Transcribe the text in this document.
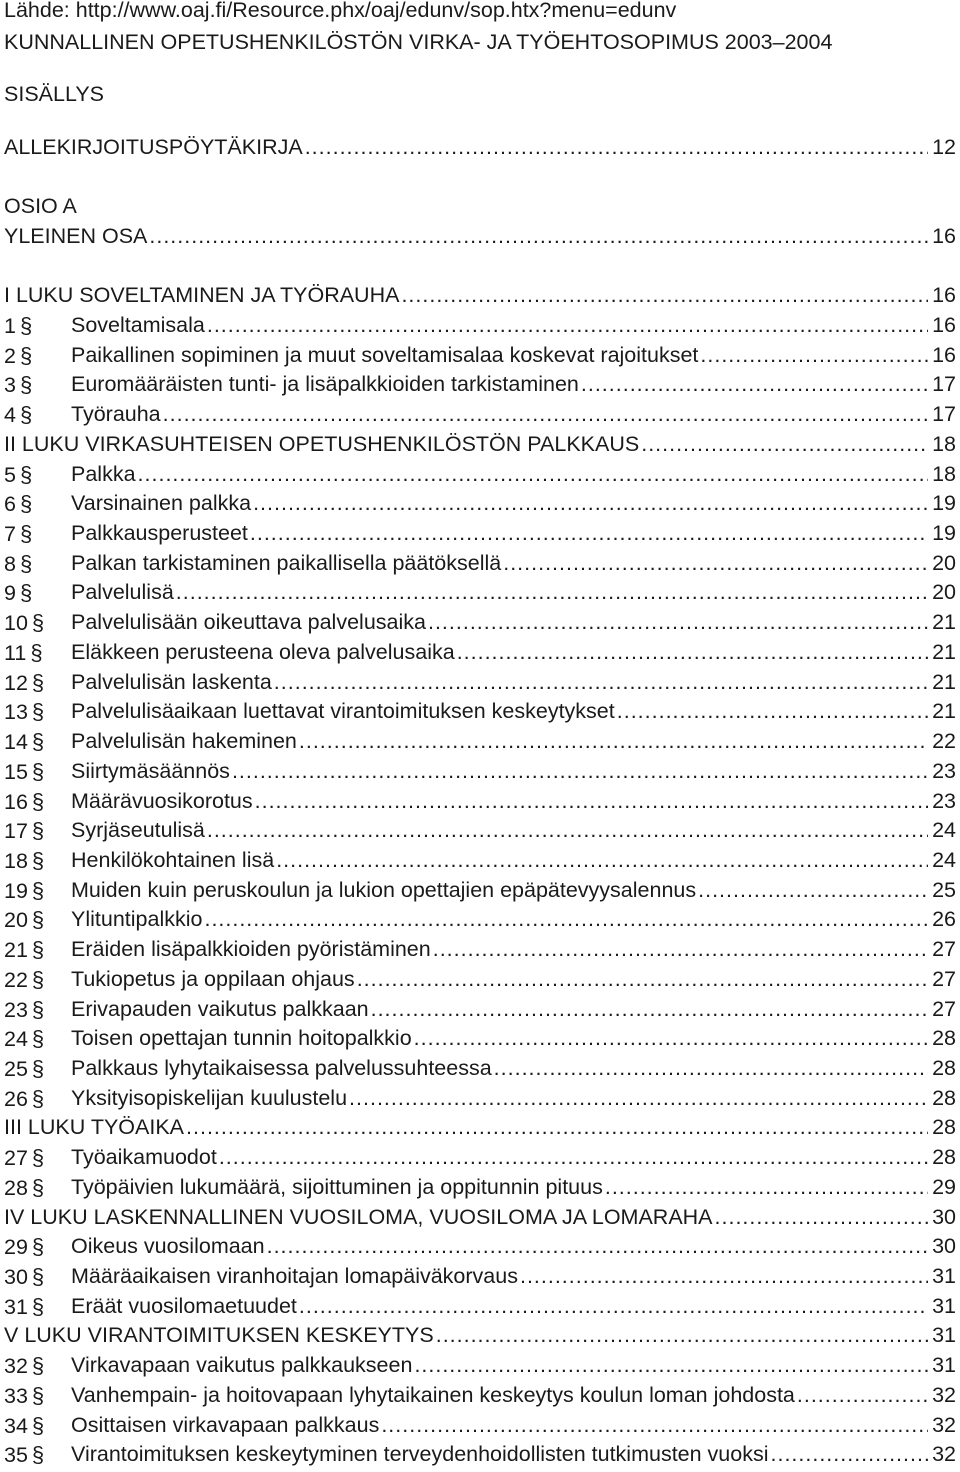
Lähde: http://www.oaj.fi/Resource.phx/oaj/edunv/sop.htx?menu=edunv
KUNNALLINEN OPETUSHENKILÖSTÖN VIRKA- JA TYÖEHTOSOPIMUS 2003–2004
SISÄLLYS
ALLEKIRJOITUSPÖYTÄKIRJA .....	12
OSIO A
YLEINEN OSA .....	16
I LUKU SOVELTAMINEN JA TYÖRAUHA .....	16
1 § Soveltamisala .....	16
2 § Paikallinen sopiminen ja muut soveltamisalaa koskevat rajoitukset .....	16
3 § Euromääräisten tunti- ja lisäpalkkioiden tarkistaminen .....	17
4 § Työrauha .....	17
II LUKU VIRKASUHTEISEN OPETUSHENKILÖSTÖN PALKKAUS .....	18
5 § Palkka .....	18
6 § Varsinainen palkka .....	19
7 § Palkkausperusteet .....	19
8 § Palkan tarkistaminen paikallisella päätöksellä .....	20
9 § Palvelulisä .....	20
10 § Palvelulisään oikeuttava palvelusaika .....	21
11 § Eläkkeen perusteena oleva palvelusaika .....	21
12 § Palvelulisän laskenta .....	21
13 § Palvelulisäaikaan luettavat virantoimituksen keskeytykset .....	21
14 § Palvelulisän hakeminen .....	22
15 § Siirtymäsäännös .....	23
16 § Määrävuosikorotus .....	23
17 § Syrjäseutulisä .....	24
18 § Henkilökohtainen lisä .....	24
19 § Muiden kuin peruskoulun ja lukion opettajien epäpätevyysalennus .....	25
20 § Ylituntipalkkio .....	26
21 § Eräiden lisäpalkkioiden pyöristäminen .....	27
22 § Tukiopetus ja oppilaan ohjaus .....	27
23 § Erivapauden vaikutus palkkaan .....	27
24 § Toisen opettajan tunnin hoitopalkkio .....	28
25 § Palkkaus lyhytaikaisessa palvelussuhteessa .....	28
26 § Yksityisopiskelijan kuulustelu .....	28
III LUKU TYÖAIKA .....	28
27 § Työaikamuodot .....	28
28 § Työpäivien lukumäärä, sijoittuminen ja oppitunnin pituus .....	29
IV LUKU LASKENNALLINEN VUOSILOMA, VUOSILOMA JA LOMARAHA .....	30
29 § Oikeus vuosilomaan .....	30
30 § Määräaikaisen viranhoitajan lomapäiväkorvaus .....	31
31 § Eräät vuosilomaetuudet .....	31
V LUKU VIRANTOIMITUKSEN KESKEYTYS .....	31
32 § Virkavapaan vaikutus palkkaukseen .....	31
33 § Vanhempain- ja hoitovapaan lyhytaikainen keskeytys koulun loman johdosta .....	32
34 § Osittaisen virkavapaan palkkaus .....	32
35 § Virantoimituksen keskeytyminen terveydenhoidollisten tutkimusten vuoksi .....	32
